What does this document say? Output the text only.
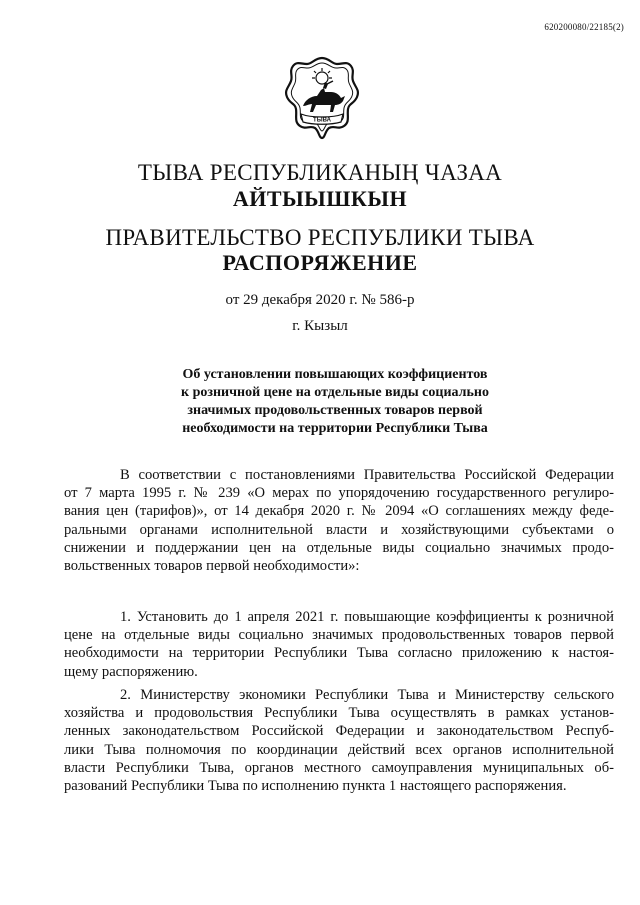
620200080/22185(2)
ТЫВА
ТЫВА РЕСПУБЛИКАНЫҢ ЧАЗАА
АЙТЫЫШКЫН
ПРАВИТЕЛЬСТВО РЕСПУБЛИКИ ТЫВА
РАСПОРЯЖЕНИЕ
от 29 декабря 2020 г. № 586-р
г. Кызыл
Об установлении повышающих коэффициентов
к розничной цене на отдельные виды социально
значимых продовольственных товаров первой
необходимости на территории Республики Тыва
В соответствии с постановлениями Правительства Российской Федерации
от 7 марта 1995 г. № 239 «О мерах по упорядочению государственного регулиро-
вания цен (тарифов)», от 14 декабря 2020 г. № 2094 «О соглашениях между феде-
ральными органами исполнительной власти и хозяйствующими субъектами о
снижении и поддержании цен на отдельные виды социально значимых продо-
вольственных товаров первой необходимости»:
1. Установить до 1 апреля 2021 г. повышающие коэффициенты к розничной
цене на отдельные виды социально значимых продовольственных товаров первой
необходимости на территории Республики Тыва согласно приложению к настоя-
щему распоряжению.
2. Министерству экономики Республики Тыва и Министерству сельского
хозяйства и продовольствия Республики Тыва осуществлять в рамках установ-
ленных законодательством Российской Федерации и законодательством Респуб-
лики Тыва полномочия по координации действий всех органов исполнительной
власти Республики Тыва, органов местного самоуправления муниципальных об-
разований Республики Тыва по исполнению пункта 1 настоящего распоряжения.
